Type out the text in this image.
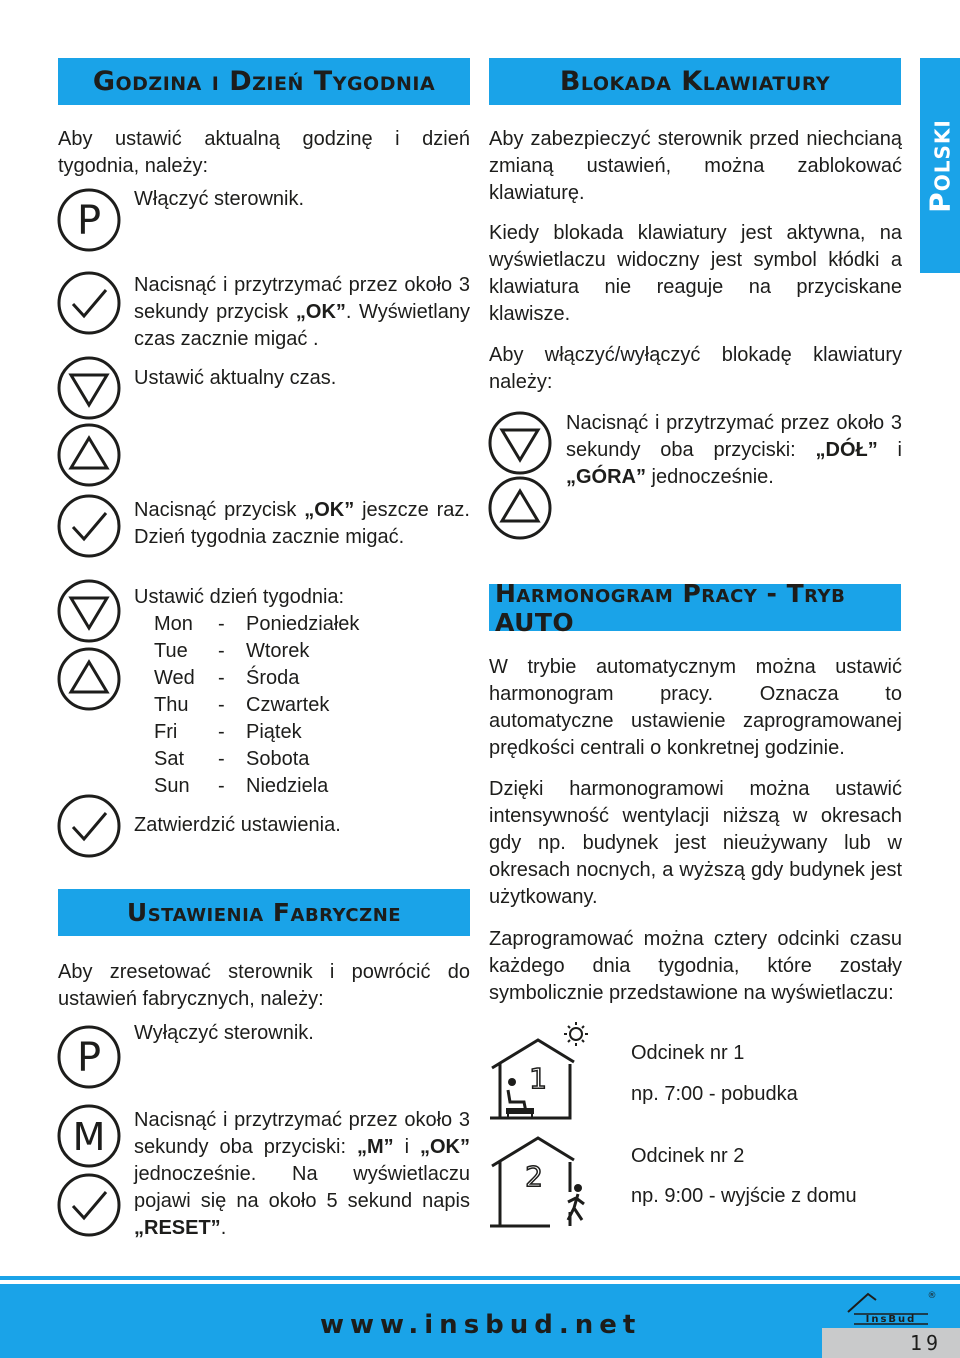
Godzina i Dzień Tygodnia

Aby ustawić aktualną godzinę i dzień tygodnia, należy:

P Włączyć sterownik.

Nacisnąć i przytrzymać przez około 3 sekundy przycisk „OK”. Wyświetlany czas zacznie migać .

Ustawić aktualny czas.

Nacisnąć przycisk „OK” jeszcze raz. Dzień tygodnia zacznie migać.

Ustawić dzień tygodnia:

Mon	-	Poniedziałek
Tue	-	Wtorek
Wed	-	Środa
Thu	-	Czwartek
Fri	-	Piątek
Sat	-	Sobota
Sun	-	Niedziela

Zatwierdzić ustawienia.

Ustawienia Fabryczne

Aby zresetować sterownik i powrócić do ustawień fabrycznych, należy:

P

Wyłączyć sterownik.

M Nacisnąć i przytrzymać przez około 3 sekundy oba przyciski: „M” i „OK” jednocześnie. Na wyświetlaczu pojawi się na około 5 sekund napis „RESET”.

Blokada Klawiatury

Aby zabezpieczyć sterownik przed niechcianą zmianą ustawień, można zablokować klawiaturę.

Kiedy blokada klawiatury jest aktywna, na wyświetlaczu widoczny jest symbol kłódki a klawiatura nie reaguje na przyciskane klawisze.

Aby włączyć/wyłączyć blokadę klawiatury należy:

Nacisnąć i przytrzymać przez około 3 sekundy oba przyciski: „DÓŁ” i „GÓRA” jednocześnie.

Harmonogram Pracy - Tryb AUTO

W trybie automatycznym można ustawić harmonogram pracy. Oznacza to automatyczne ustawienie zaprogramowanej prędkości centrali o konkretnej godzinie.

Dzięki harmonogramowi można ustawić intensywność wentylacji niższą w okresach gdy np. budynek jest nieużywany lub w okresach nocnych, a wyższą gdy budynek jest użytkowany.

Zaprogramować można cztery odcinki czasu każdego dnia tygodnia, które zostały symbolicznie przedstawione na wyświetlaczu:

1
Odcinek nr 1
np. 7:00 - pobudka
2
Odcinek nr 2
np. 9:00 - wyjście z domu
Polski
www.insbud.net	InsBud
®
19
